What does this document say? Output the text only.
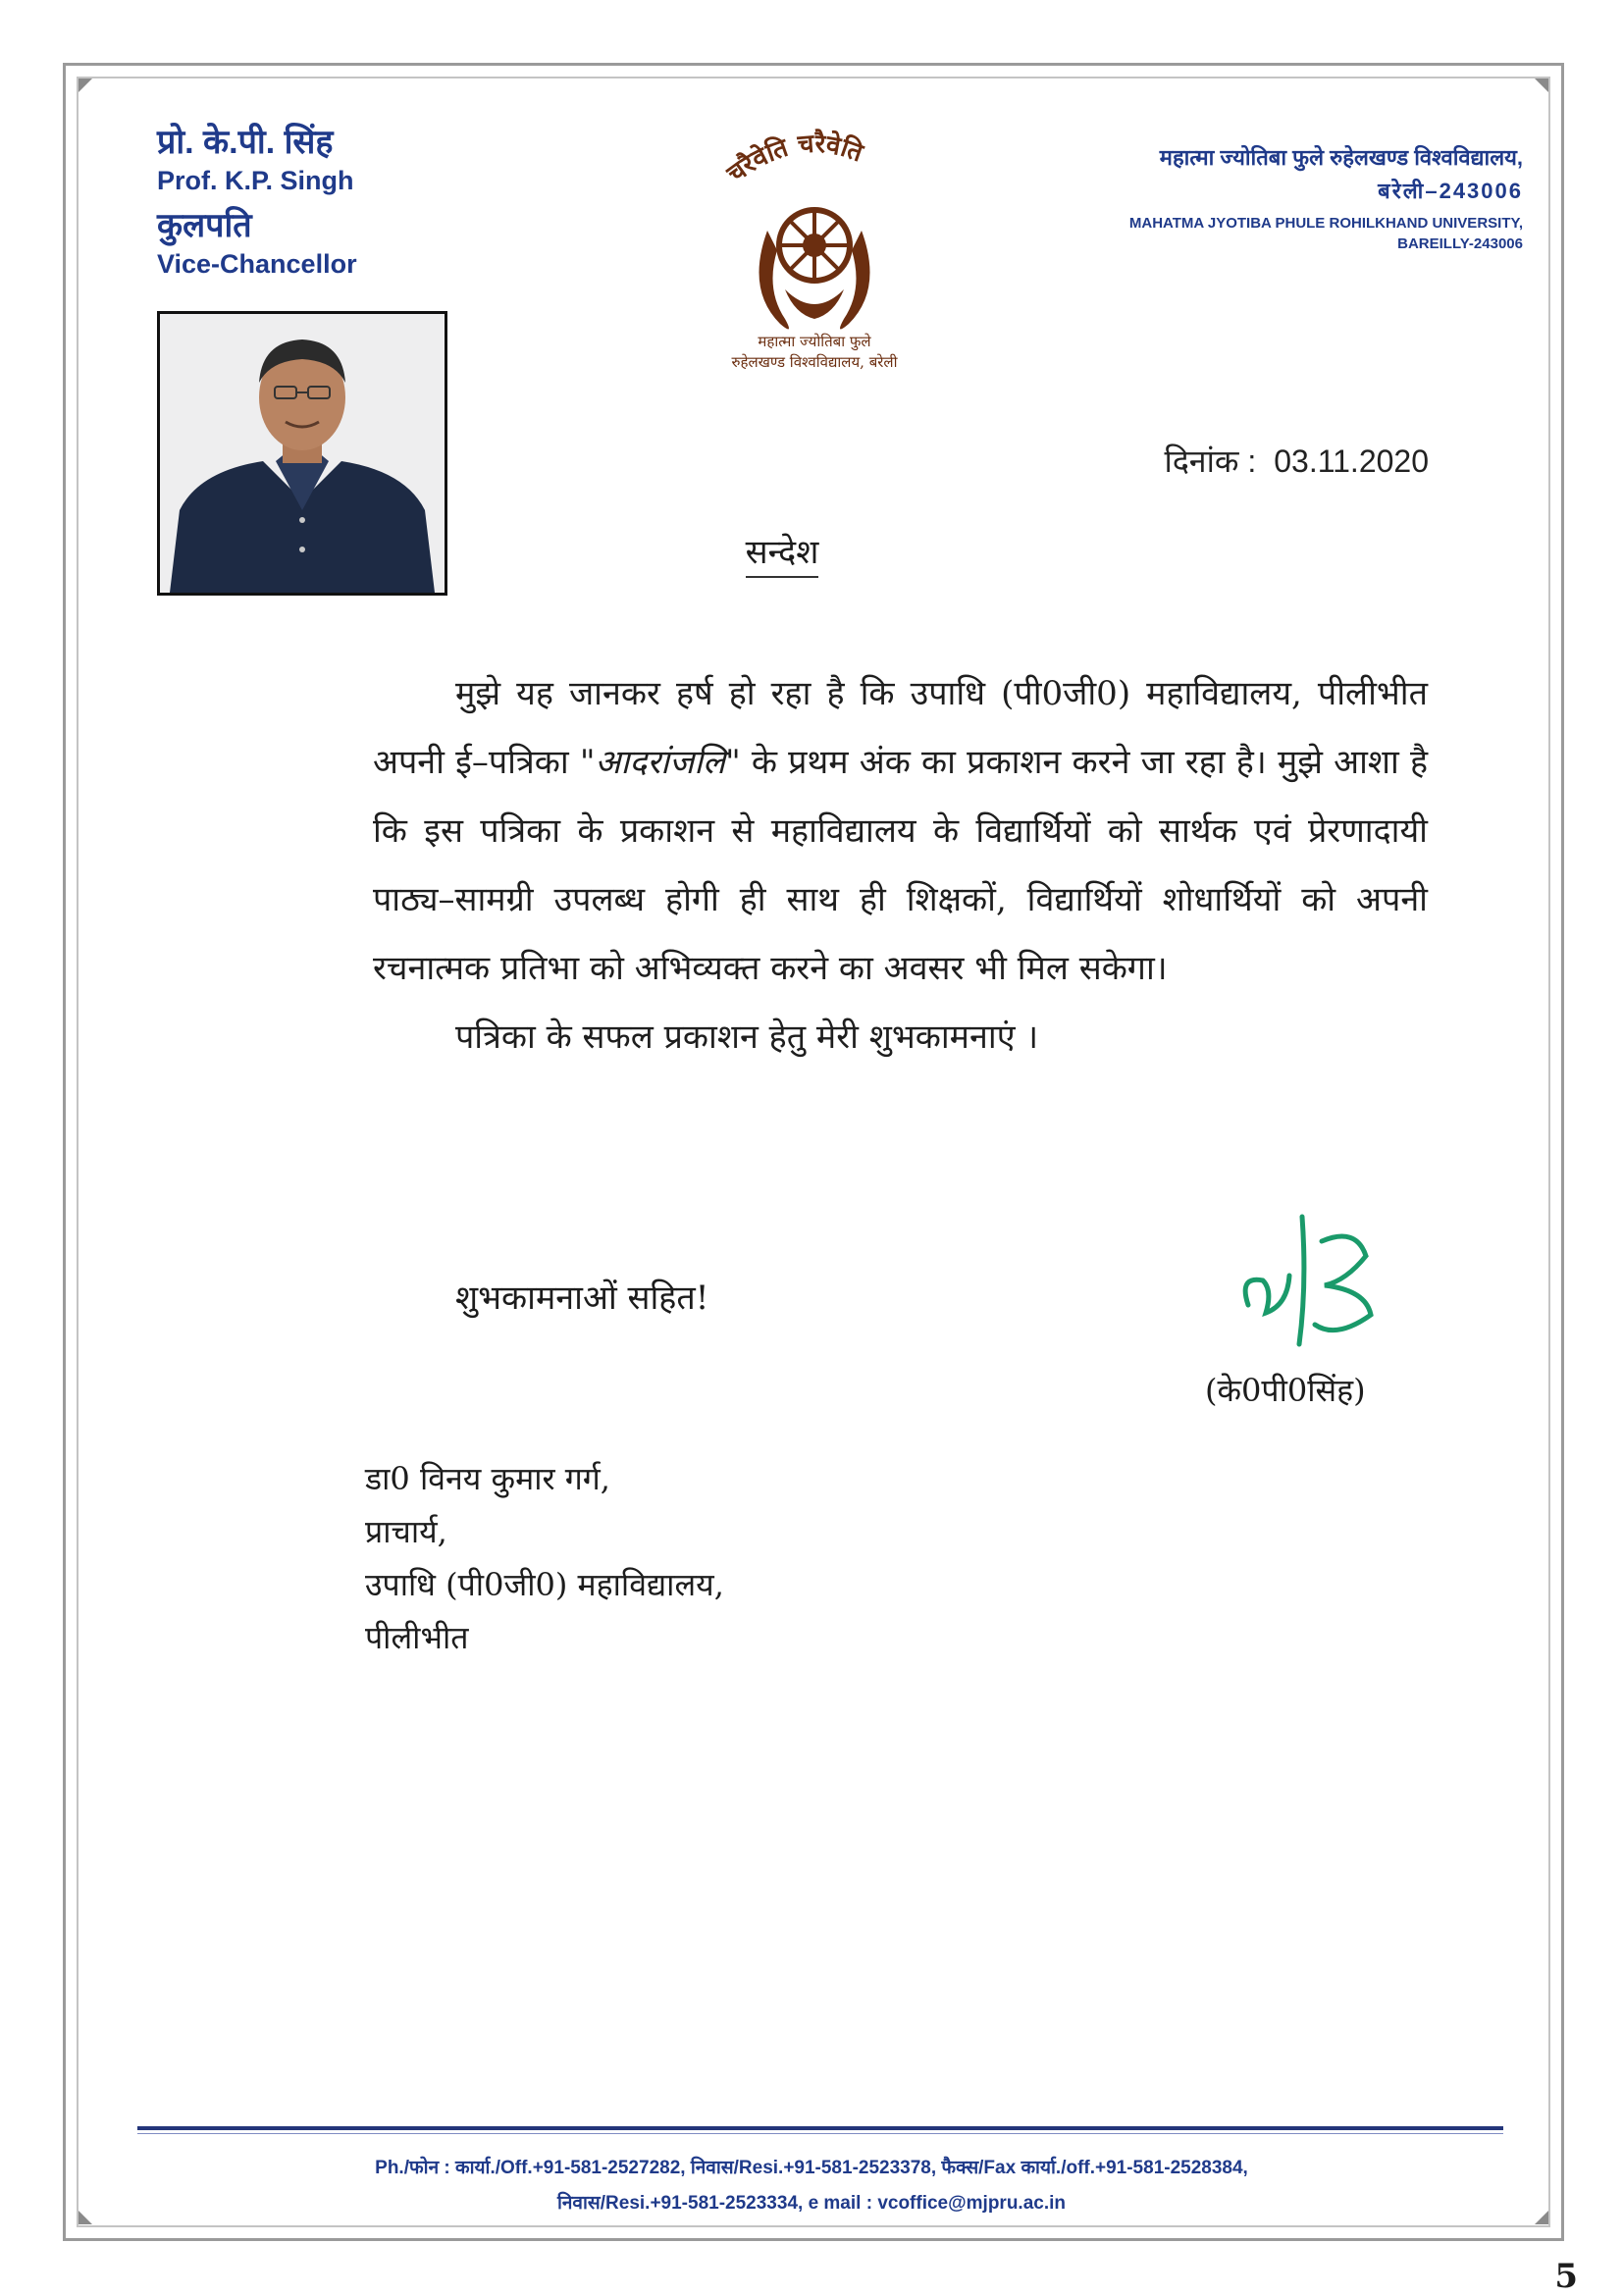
प्रो. के.पी. सिंह
Prof. K.P. Singh
कुलपति
Vice-Chancellor
चरैवेति चरैवेति
महात्मा ज्योतिबा फुले
रुहेलखण्ड विश्वविद्यालय, बरेली
महात्मा ज्योतिबा फुले रुहेलखण्ड विश्वविद्यालय,
बरेली–243006
MAHATMA JYOTIBA PHULE ROHILKHAND UNIVERSITY,
BAREILLY-243006
दिनांक : 03.11.2020
सन्देश

मुझे यह जानकर हर्ष हो रहा है कि उपाधि (पी0जी0) महाविद्यालय, पीलीभीत अपनी ई–पत्रिका "आदरांजलि" के प्रथम अंक का प्रकाशन करने जा रहा है। मुझे आशा है कि इस पत्रिका के प्रकाशन से महाविद्यालय के विद्यार्थियों को सार्थक एवं प्रेरणादायी पाठ्य–सामग्री उपलब्ध होगी ही साथ ही शिक्षकों, विद्यार्थियों शोधार्थियों को अपनी रचनात्मक प्रतिभा को अभिव्यक्त करने का अवसर भी मिल सकेगा।

पत्रिका के सफल प्रकाशन हेतु मेरी शुभकामनाएं ।

शुभकामनाओं सहित!
(के0पी0सिंह)
डा0 विनय कुमार गर्ग,
प्राचार्य,
उपाधि (पी0जी0) महाविद्यालय,
पीलीभीत
Ph./फोन : कार्या./Off.+91-581-2527282, निवास/Resi.+91-581-2523378, फैक्स/Fax कार्या./off.+91-581-2528384,
निवास/Resi.+91-581-2523334, e mail : vcoffice@mjpru.ac.in
5
